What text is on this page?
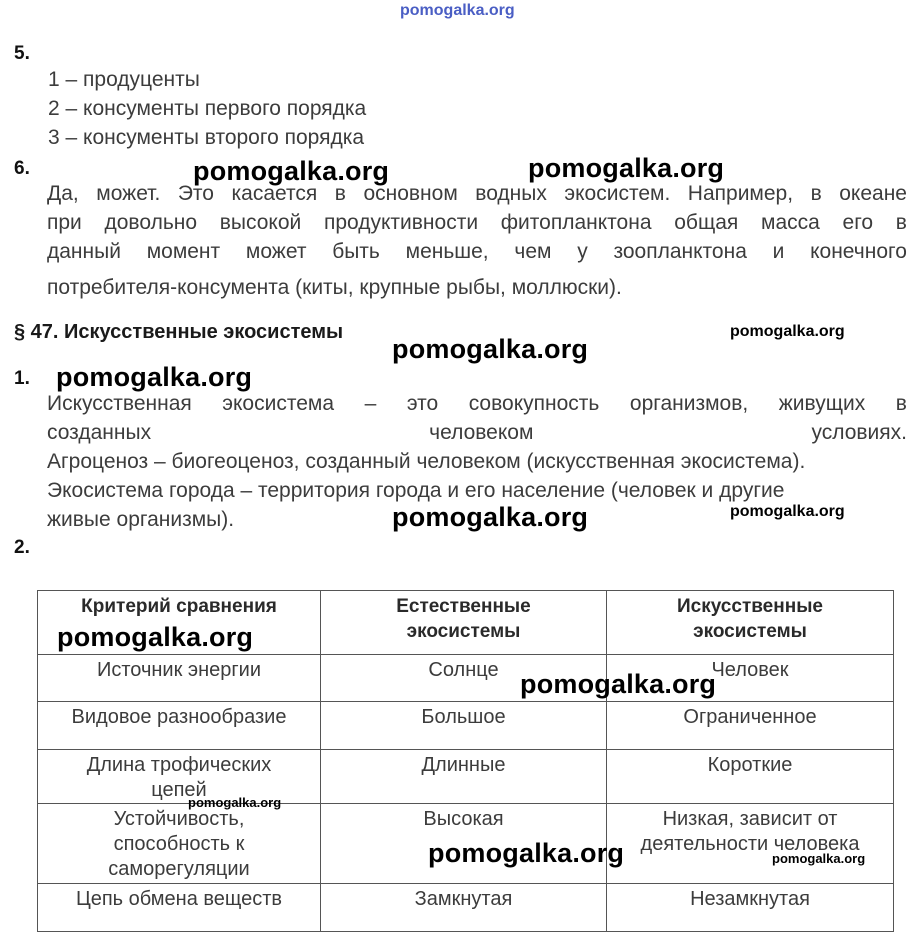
pomogalka.org
5.
1 – продуценты
2 – консументы первого порядка
3 – консументы второго порядка
6.
Да, может. Это касается в основном водных экосистем. Например, в океане
при довольно высокой продуктивности фитопланктона общая масса его в
данный момент может быть меньше, чем у зоопланктона и конечного
потребителя-консумента (киты, крупные рыбы, моллюски).
§ 47. Искусственные экосистемы
1.
Искусственная экосистема – это совокупность организмов, живущих в
созданных	человеком	условиях.
Агроценоз – биогеоценоз, созданный человеком (искусственная экосистема).
Экосистема города – территория города и его население (человек и другие
живые организмы).
2.
Критерий сравнения	Естественные экосистемы	Искусственные экосистемы

Источник энергии	Солнце	Человек
Видовое разнообразие	Большое	Ограниченное

Длина трофических цепей	Длинные	Короткие

Устойчивость, способность к саморегуляции	Высокая	Низкая, зависит от деятельности человека

Цепь обмена веществ	Замкнутая	Незамкнутая
pomogalka.org	pomogalka.org
pomogalka.org
pomogalka.org
pomogalka.org
pomogalka.org	pomogalka.org
pomogalka.org
pomogalka.org
pomogalka.org
pomogalka.org	pomogalka.org
